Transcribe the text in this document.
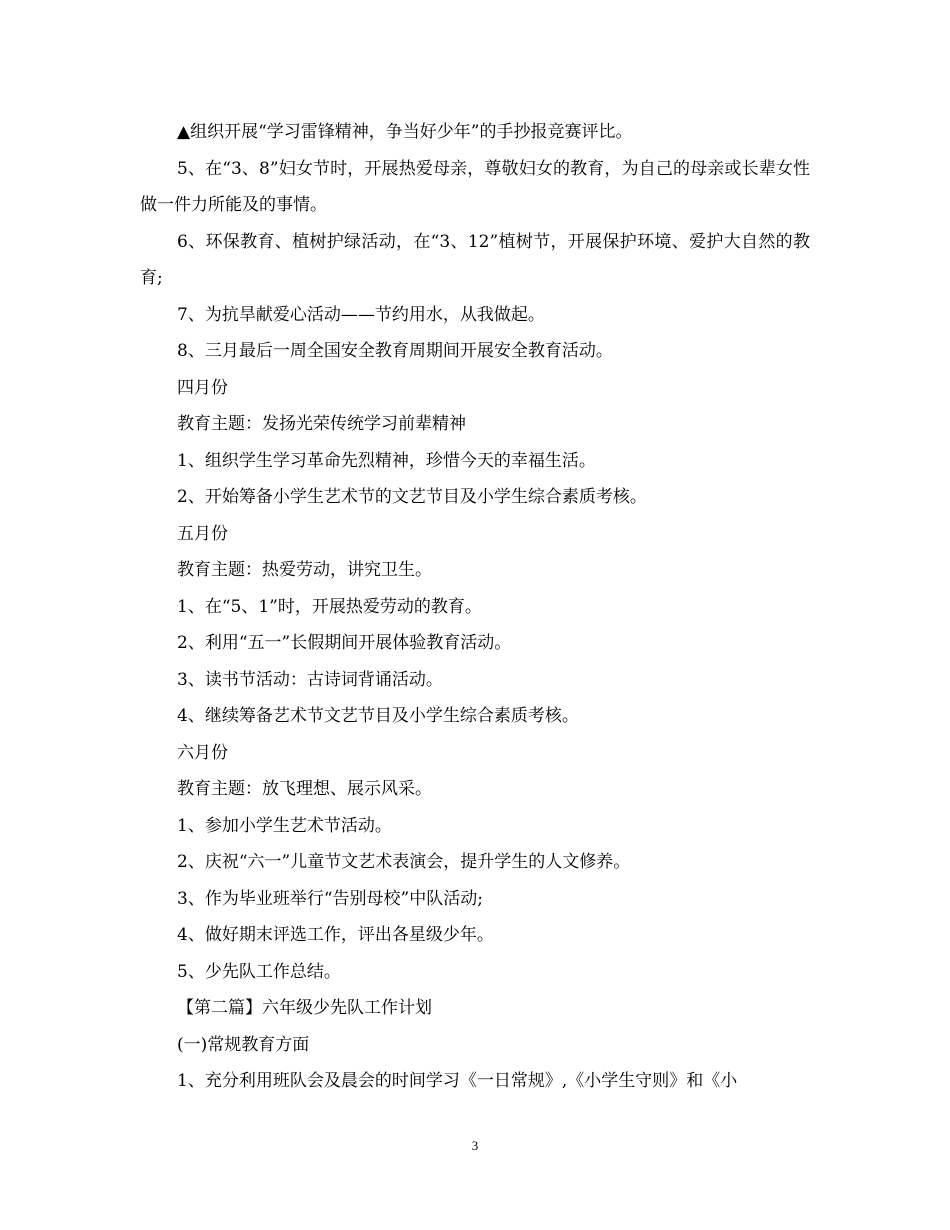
▲组织开展“学习雷锋精神，争当好少年”的手抄报竞赛评比。

5、在“3、8”妇女节时，开展热爱母亲，尊敬妇女的教育，为自己的母亲或长辈女性做一件力所能及的事情。

6、环保教育、植树护绿活动，在“3、12”植树节，开展保护环境、爱护大自然的教育;

7、为抗旱献爱心活动——节约用水，从我做起。

8、三月最后一周全国安全教育周期间开展安全教育活动。

四月份

教育主题：发扬光荣传统学习前辈精神

1、组织学生学习革命先烈精神，珍惜今天的幸福生活。

2、开始筹备小学生艺术节的文艺节目及小学生综合素质考核。

五月份

教育主题：热爱劳动，讲究卫生。

1、在“5、1”时，开展热爱劳动的教育。

2、利用“五一”长假期间开展体验教育活动。

3、读书节活动：古诗词背诵活动。

4、继续筹备艺术节文艺节目及小学生综合素质考核。

六月份

教育主题：放飞理想、展示风采。

1、参加小学生艺术节活动。

2、庆祝“六一”儿童节文艺术表演会，提升学生的人文修养。

3、作为毕业班举行“告别母校”中队活动;

4、做好期末评选工作，评出各星级少年。

5、少先队工作总结。

【第二篇】六年级少先队工作计划

(一)常规教育方面

1、充分利用班队会及晨会的时间学习《一日常规》,《小学生守则》和《小

3
